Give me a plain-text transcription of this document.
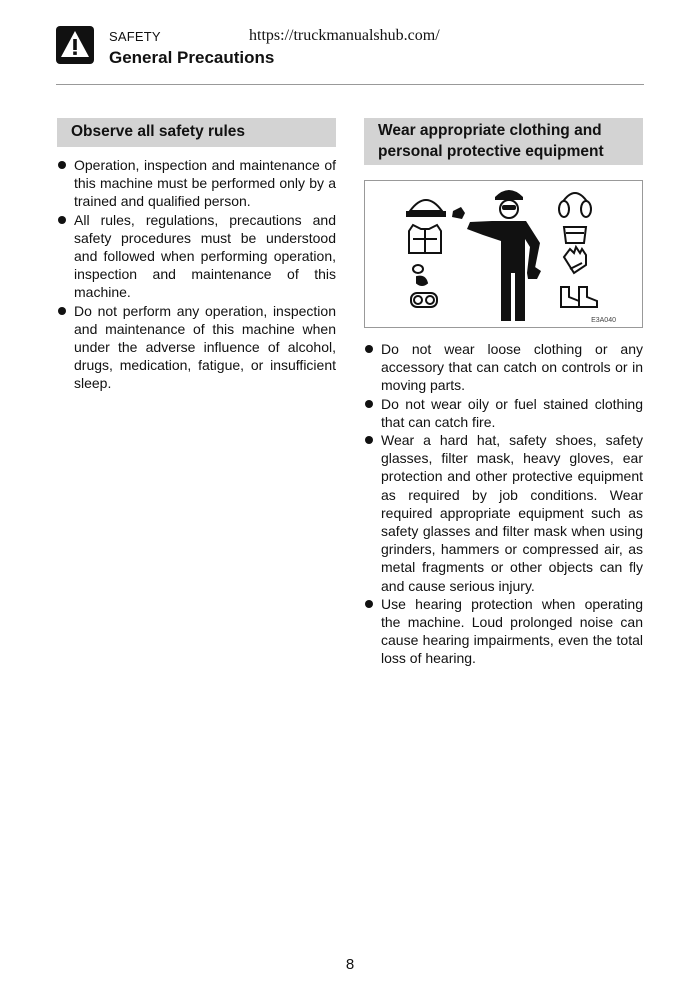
SAFETY	https://truckmanualshub.com/
General Precautions
Observe all safety rules
Operation, inspection and maintenance of this machine must be performed only by a trained and qualified person.
All rules, regulations, precautions and safety procedures must be understood and followed when performing operation, inspection and maintenance of this machine.
Do not perform any operation, inspection and maintenance of this machine when under the adverse influence of alcohol, drugs, medication, fatigue, or insufficient sleep.
Wear appropriate clothing and personal protective equipment
E3A040
Do not wear loose clothing or any accessory that can catch on controls or in moving parts.
Do not wear oily or fuel stained clothing that can catch fire.
Wear a hard hat, safety shoes, safety glasses, filter mask, heavy gloves, ear protection and other protective equipment as required by job conditions. Wear required appropriate equipment such as safety glasses and filter mask when using grinders, hammers or compressed air, as metal fragments or other objects can fly and cause serious injury.
Use hearing protection when operating the machine. Loud prolonged noise can cause hearing impairments, even the total loss of hearing.
8
